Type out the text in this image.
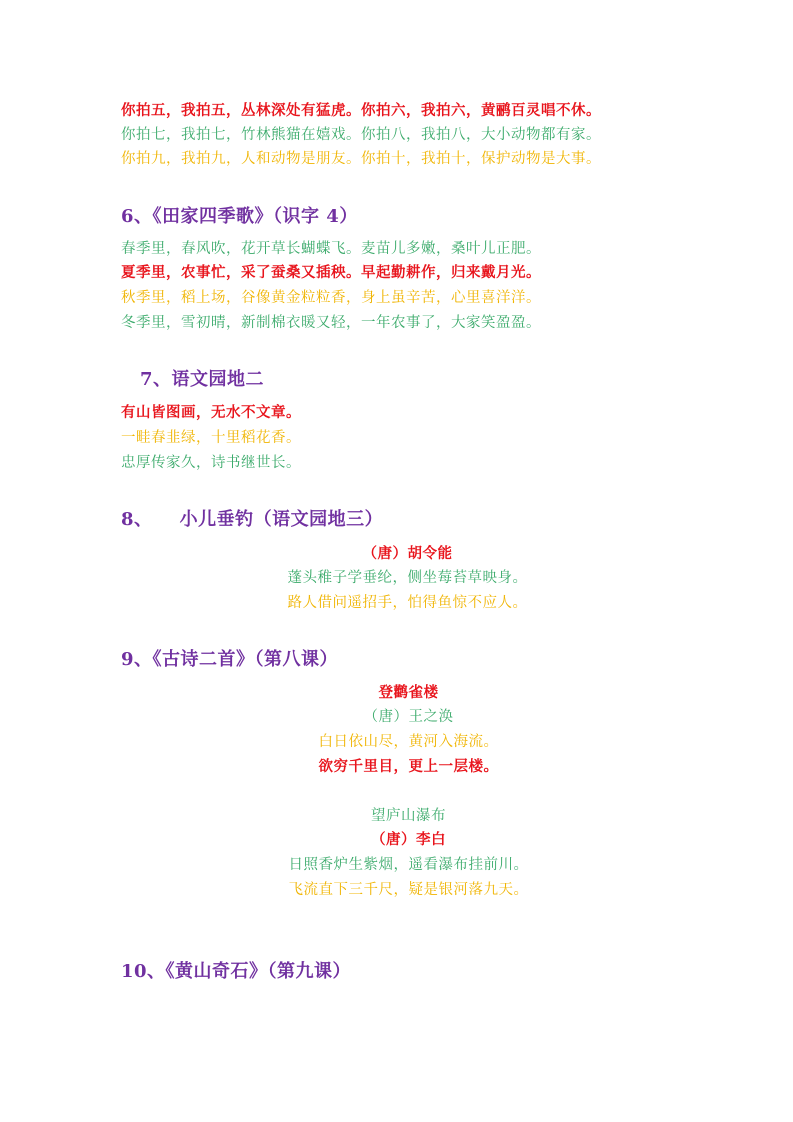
你拍五，我拍五，丛林深处有猛虎。你拍六，我拍六，黄鹂百灵唱不休。
你拍七，我拍七，竹林熊猫在嬉戏。你拍八，我拍八，大小动物都有家。
你拍九，我拍九，人和动物是朋友。你拍十，我拍十，保护动物是大事。
6、《田家四季歌》（识字 4）
春季里，春风吹，花开草长蝴蝶飞。麦苗儿多嫩，桑叶儿正肥。
夏季里，农事忙，采了蚕桑又插秧。早起勤耕作，归来戴月光。
秋季里，稻上场，谷像黄金粒粒香，身上虽辛苦，心里喜洋洋。
冬季里，雪初晴，新制棉衣暖又轻，一年农事了，大家笑盈盈。
7、语文园地二
有山皆图画，无水不文章。
一畦春韭绿，十里稻花香。
忠厚传家久，诗书继世长。
8、    小儿垂钓（语文园地三）
（唐）胡令能
蓬头稚子学垂纶，侧坐莓苔草映身。
路人借问遥招手，怕得鱼惊不应人。
9、《古诗二首》（第八课）
登鹳雀楼
（唐）王之涣
白日依山尽，黄河入海流。
欲穷千里目，更上一层楼。
望庐山瀑布
（唐）李白
日照香炉生紫烟，遥看瀑布挂前川。
飞流直下三千尺，疑是银河落九天。
10、《黄山奇石》（第九课）
